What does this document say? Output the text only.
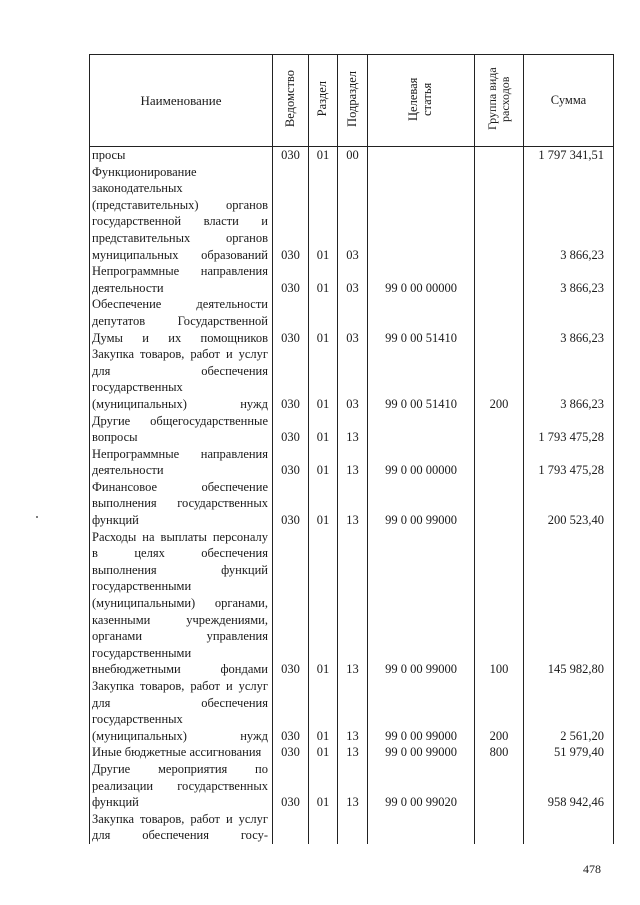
Наименование	Ведомство	Раздел	Подраздел	Целевая статья	Группа вида расходов	Сумма

просы	030	01	00			1 797 341,51

Функционирование законодательных (представительных) органов государственной власти и представительных органов муниципальных образований	030	01	03			3 866,23

Непрограммные направления деятельности	030	01	03	99 0 00 00000		3 866,23

Обеспечение деятельности депутатов Государственной Думы и их помощников	030	01	03	99 0 00 51410		3 866,23

Закупка товаров, работ и услуг для обеспечения государственных (муниципальных) нужд	030	01	03	99 0 00 51410	200	3 866,23

Другие общегосударственные вопросы	030	01	13			1 793 475,28

Непрограммные направления деятельности	030	01	13	99 0 00 00000		1 793 475,28

Финансовое обеспечение выполнения государственных функций	030	01	13	99 0 00 99000		200 523,40

Расходы на выплаты персоналу в целях обеспечения выполнения функций государственными (муниципальными) органами, казенными учреждениями, органами управления государственными внебюджетными фондами	030	01	13	99 0 00 99000	100	145 982,80

Закупка товаров, работ и услуг для обеспечения государственных (муниципальных) нужд	030	01	13	99 0 00 99000	200	2 561,20

Иные бюджетные ассигнования	030	01	13	99 0 00 99000	800	51 979,40

Другие мероприятия по реализации государственных функций	030	01	13	99 0 00 99020		958 942,46

Закупка товаров, работ и услуг для обеспечения госу-						

478
